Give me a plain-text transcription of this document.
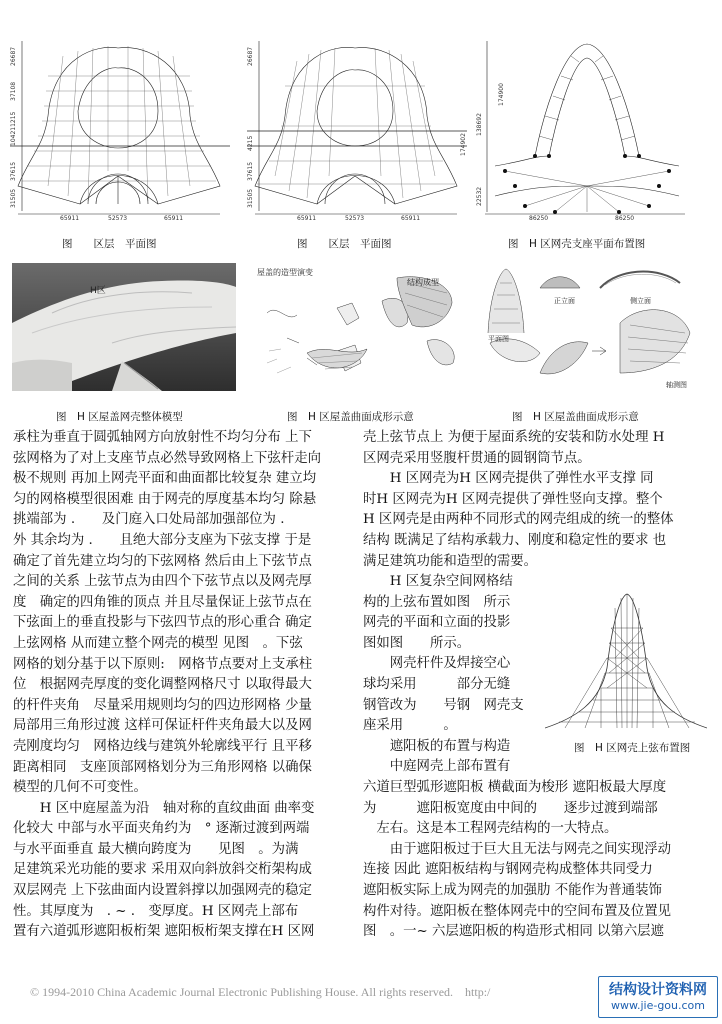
65911	52573	65911
31505
37615
104211215
37108
26687
图　　区层　平面图
65911	52573	65911
31505
37615
4215
26687
174902
图　　区层　平面图
86250	86250
22532
138692
174900
图　H 区网壳支座平面布置图
H区
图　H 区屋盖网壳整体模型
屋盖的造型演变
结构成型
图　H 区屋盖曲面成形示意
正立面	侧立面
平面图
轴测图
图　H 区屋盖曲面成形示意

承柱为垂直于圆弧轴网方向放射性不均匀分布 上下

弦网格为了对上支座节点必然导致网格上下弦杆走向

极不规则 再加上网壳平面和曲面都比较复杂 建立均

匀的网格模型很困难 由于网壳的厚度基本均匀 除悬

挑端部为 .　　及门庭入口处局部加强部位为 .

外 其余均为 .　　且绝大部分支座为下弦支撑 于是

确定了首先建立均匀的下弦网格 然后由上下弦节点

之间的关系 上弦节点为由四个下弦节点以及网壳厚

度　确定的四角锥的顶点 并且尽量保证上弦节点在

下弦面上的垂直投影与下弦四节点的形心重合 确定

上弦网格 从而建立整个网壳的模型 见图　。下弦

网格的划分基于以下原则:　网格节点要对上支承柱

位　根据网壳厚度的变化调整网格尺寸 以取得最大

的杆件夹角　尽量采用规则均匀的四边形网格 少量

局部用三角形过渡 这样可保证杆件夹角最大以及网

壳刚度均匀　网格边线与建筑外轮廓线平行 且平移

距离相同　支座顶部网格划分为三角形网格 以确保

模型的几何不可变性。

　　H 区中庭屋盖为沿　轴对称的直纹曲面 曲率变

化较大 中部与水平面夹角约为　° 逐渐过渡到两端

与水平面垂直 最大横向跨度为　　见图　。为满

足建筑采光功能的要求 采用双向斜放斜交桁架构成

双层网壳 上下弦曲面内设置斜撑以加强网壳的稳定

性。其厚度为　. ~ .　变厚度。H 区网壳上部布

置有六道弧形遮阳板桁架 遮阳板桁架支撑在H 区网

壳上弦节点上 为便于屋面系统的安装和防水处理 H

区网壳采用竖腹杆贯通的圆钢筒节点。

　　H 区网壳为H 区网壳提供了弹性水平支撑 同

时H 区网壳为H 区网壳提供了弹性竖向支撑。整个

H 区网壳是由两种不同形式的网壳组成的统一的整体

结构 既满足了结构承载力、刚度和稳定性的要求 也

满足建筑功能和造型的需要。

　　H 区复杂空间网格结

构的上弦布置如图　所示

网壳的平面和立面的投影

图如图　　所示。

　　网壳杆件及焊接空心

球均采用　　　部分无缝

钢管改为　　号钢　网壳支

座采用　　　。

　　遮阳板的布置与构造

　　中庭网壳上部布置有

图　H 区网壳上弦布置图

六道巨型弧形遮阳板 横截面为梭形 遮阳板最大厚度

为　　　遮阳板宽度由中间的　　逐步过渡到端部

　左右。这是本工程网壳结构的一大特点。

　　由于遮阳板过于巨大且无法与网壳之间实现浮动

连接 因此 遮阳板结构与钢网壳构成整体共同受力

遮阳板实际上成为网壳的加强肋 不能作为普通装饰

构件对待。遮阳板在整体网壳中的空间布置及位置见

图　。一~ 六层遮阳板的构造形式相同 以第六层遮

© 1994-2010 China Academic Journal Electronic Publishing House. All rights reserved.　http:/	结构设计资料网
www.jie-gou.com
